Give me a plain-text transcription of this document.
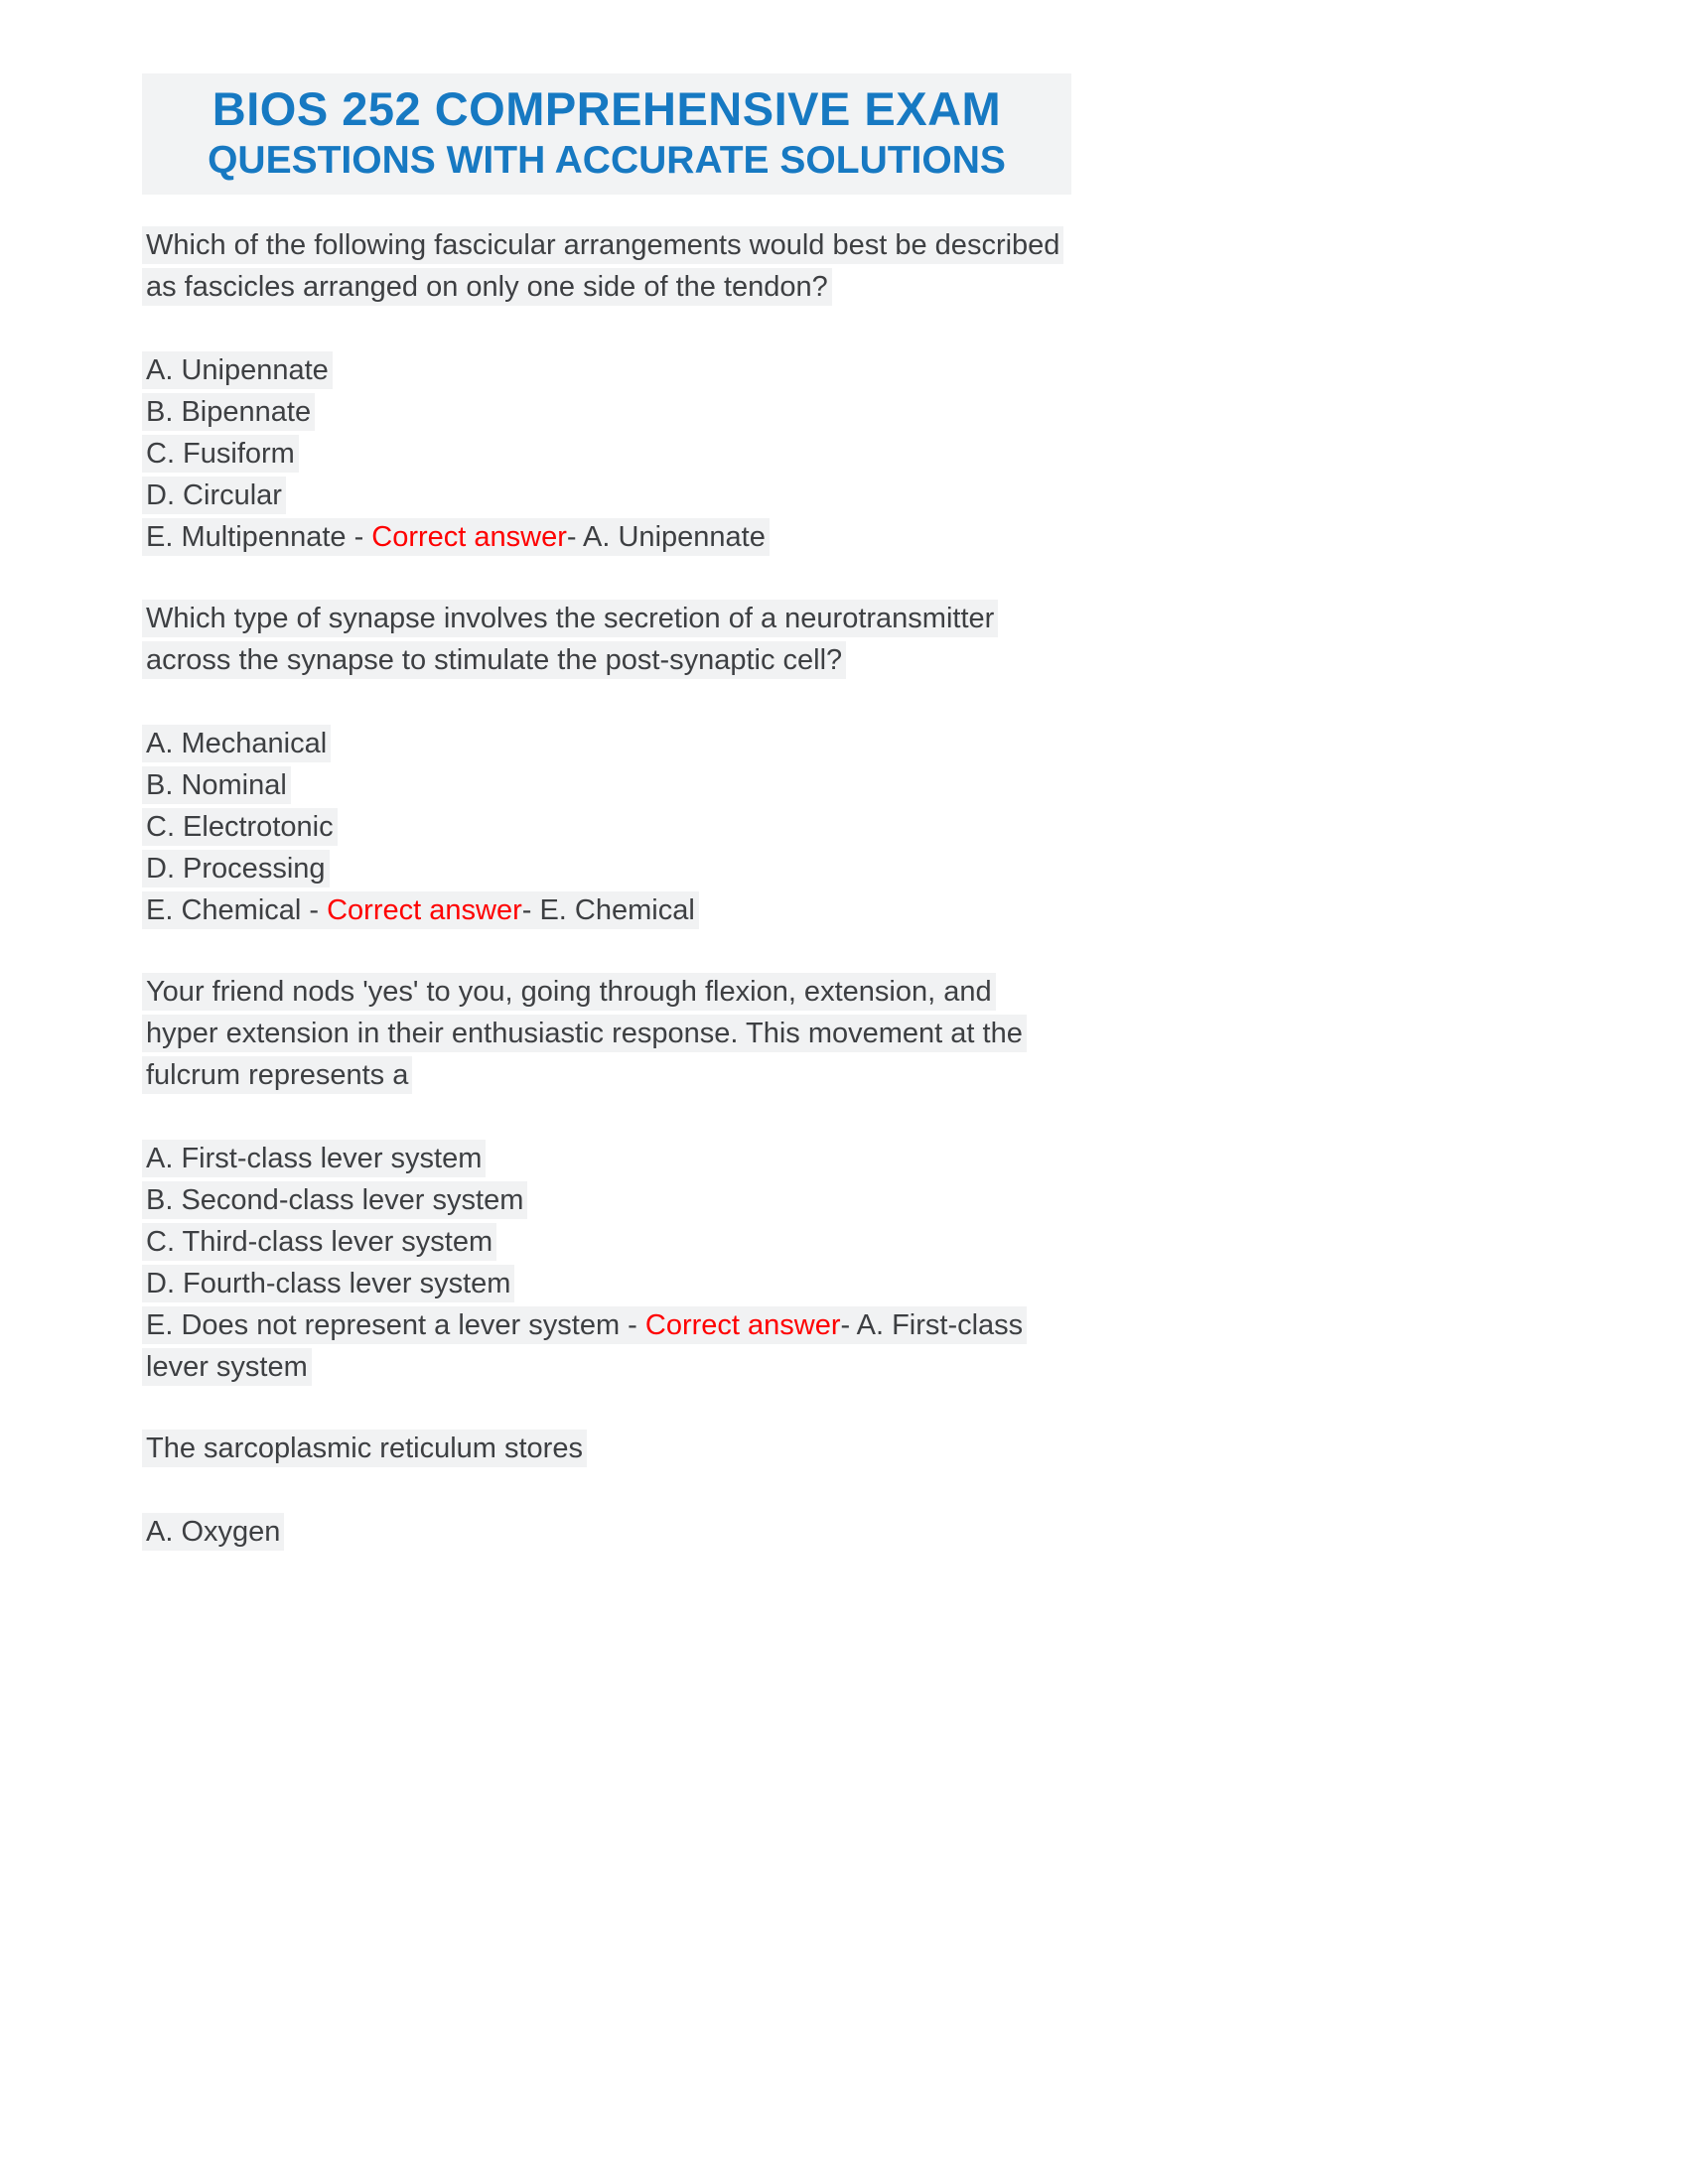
BIOS 252 COMPREHENSIVE EXAM
QUESTIONS WITH ACCURATE SOLUTIONS

Which of the following fascicular arrangements would best be described as fascicles arranged on only one side of the tendon?

A. Unipennate
B. Bipennate
C. Fusiform
D. Circular
E. Multipennate - Correct answer- A. Unipennate

Which type of synapse involves the secretion of a neurotransmitter across the synapse to stimulate the post-synaptic cell?

A. Mechanical
B. Nominal
C. Electrotonic
D. Processing
E. Chemical - Correct answer- E. Chemical

Your friend nods 'yes' to you, going through flexion, extension, and hyper extension in their enthusiastic response. This movement at the fulcrum represents a

A. First-class lever system
B. Second-class lever system
C. Third-class lever system
D. Fourth-class lever system
E. Does not represent a lever system - Correct answer- A. First-class lever system

The sarcoplasmic reticulum stores

A. Oxygen
